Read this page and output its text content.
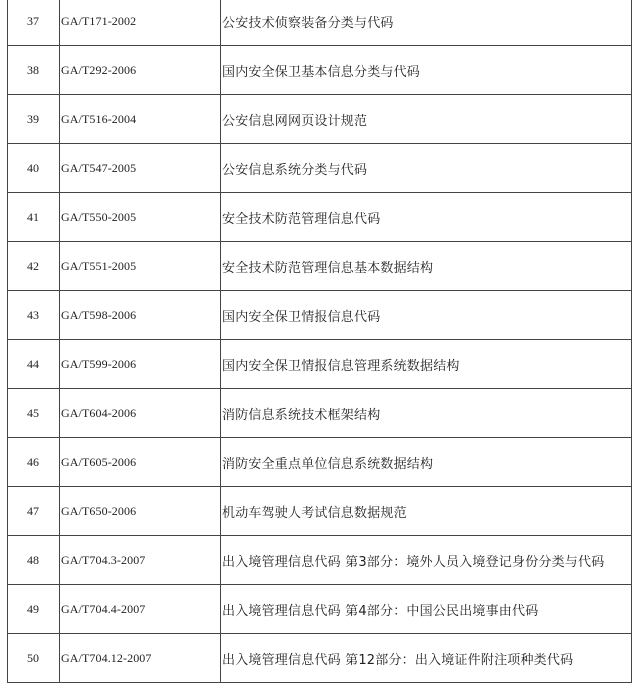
37	GA/T171-2002	公安技术侦察装备分类与代码
38	GA/T292-2006	国内安全保卫基本信息分类与代码
39	GA/T516-2004	公安信息网网页设计规范
40	GA/T547-2005	公安信息系统分类与代码
41	GA/T550-2005	安全技术防范管理信息代码
42	GA/T551-2005	安全技术防范管理信息基本数据结构
43	GA/T598-2006	国内安全保卫情报信息代码
44	GA/T599-2006	国内安全保卫情报信息管理系统数据结构
45	GA/T604-2006	消防信息系统技术框架结构
46	GA/T605-2006	消防安全重点单位信息系统数据结构
47	GA/T650-2006	机动车驾驶人考试信息数据规范
48	GA/T704.3-2007	出入境管理信息代码 第3部分：境外人员入境登记身份分类与代码
49	GA/T704.4-2007	出入境管理信息代码 第4部分：中国公民出境事由代码
50	GA/T704.12-2007	出入境管理信息代码 第12部分：出入境证件附注项种类代码
